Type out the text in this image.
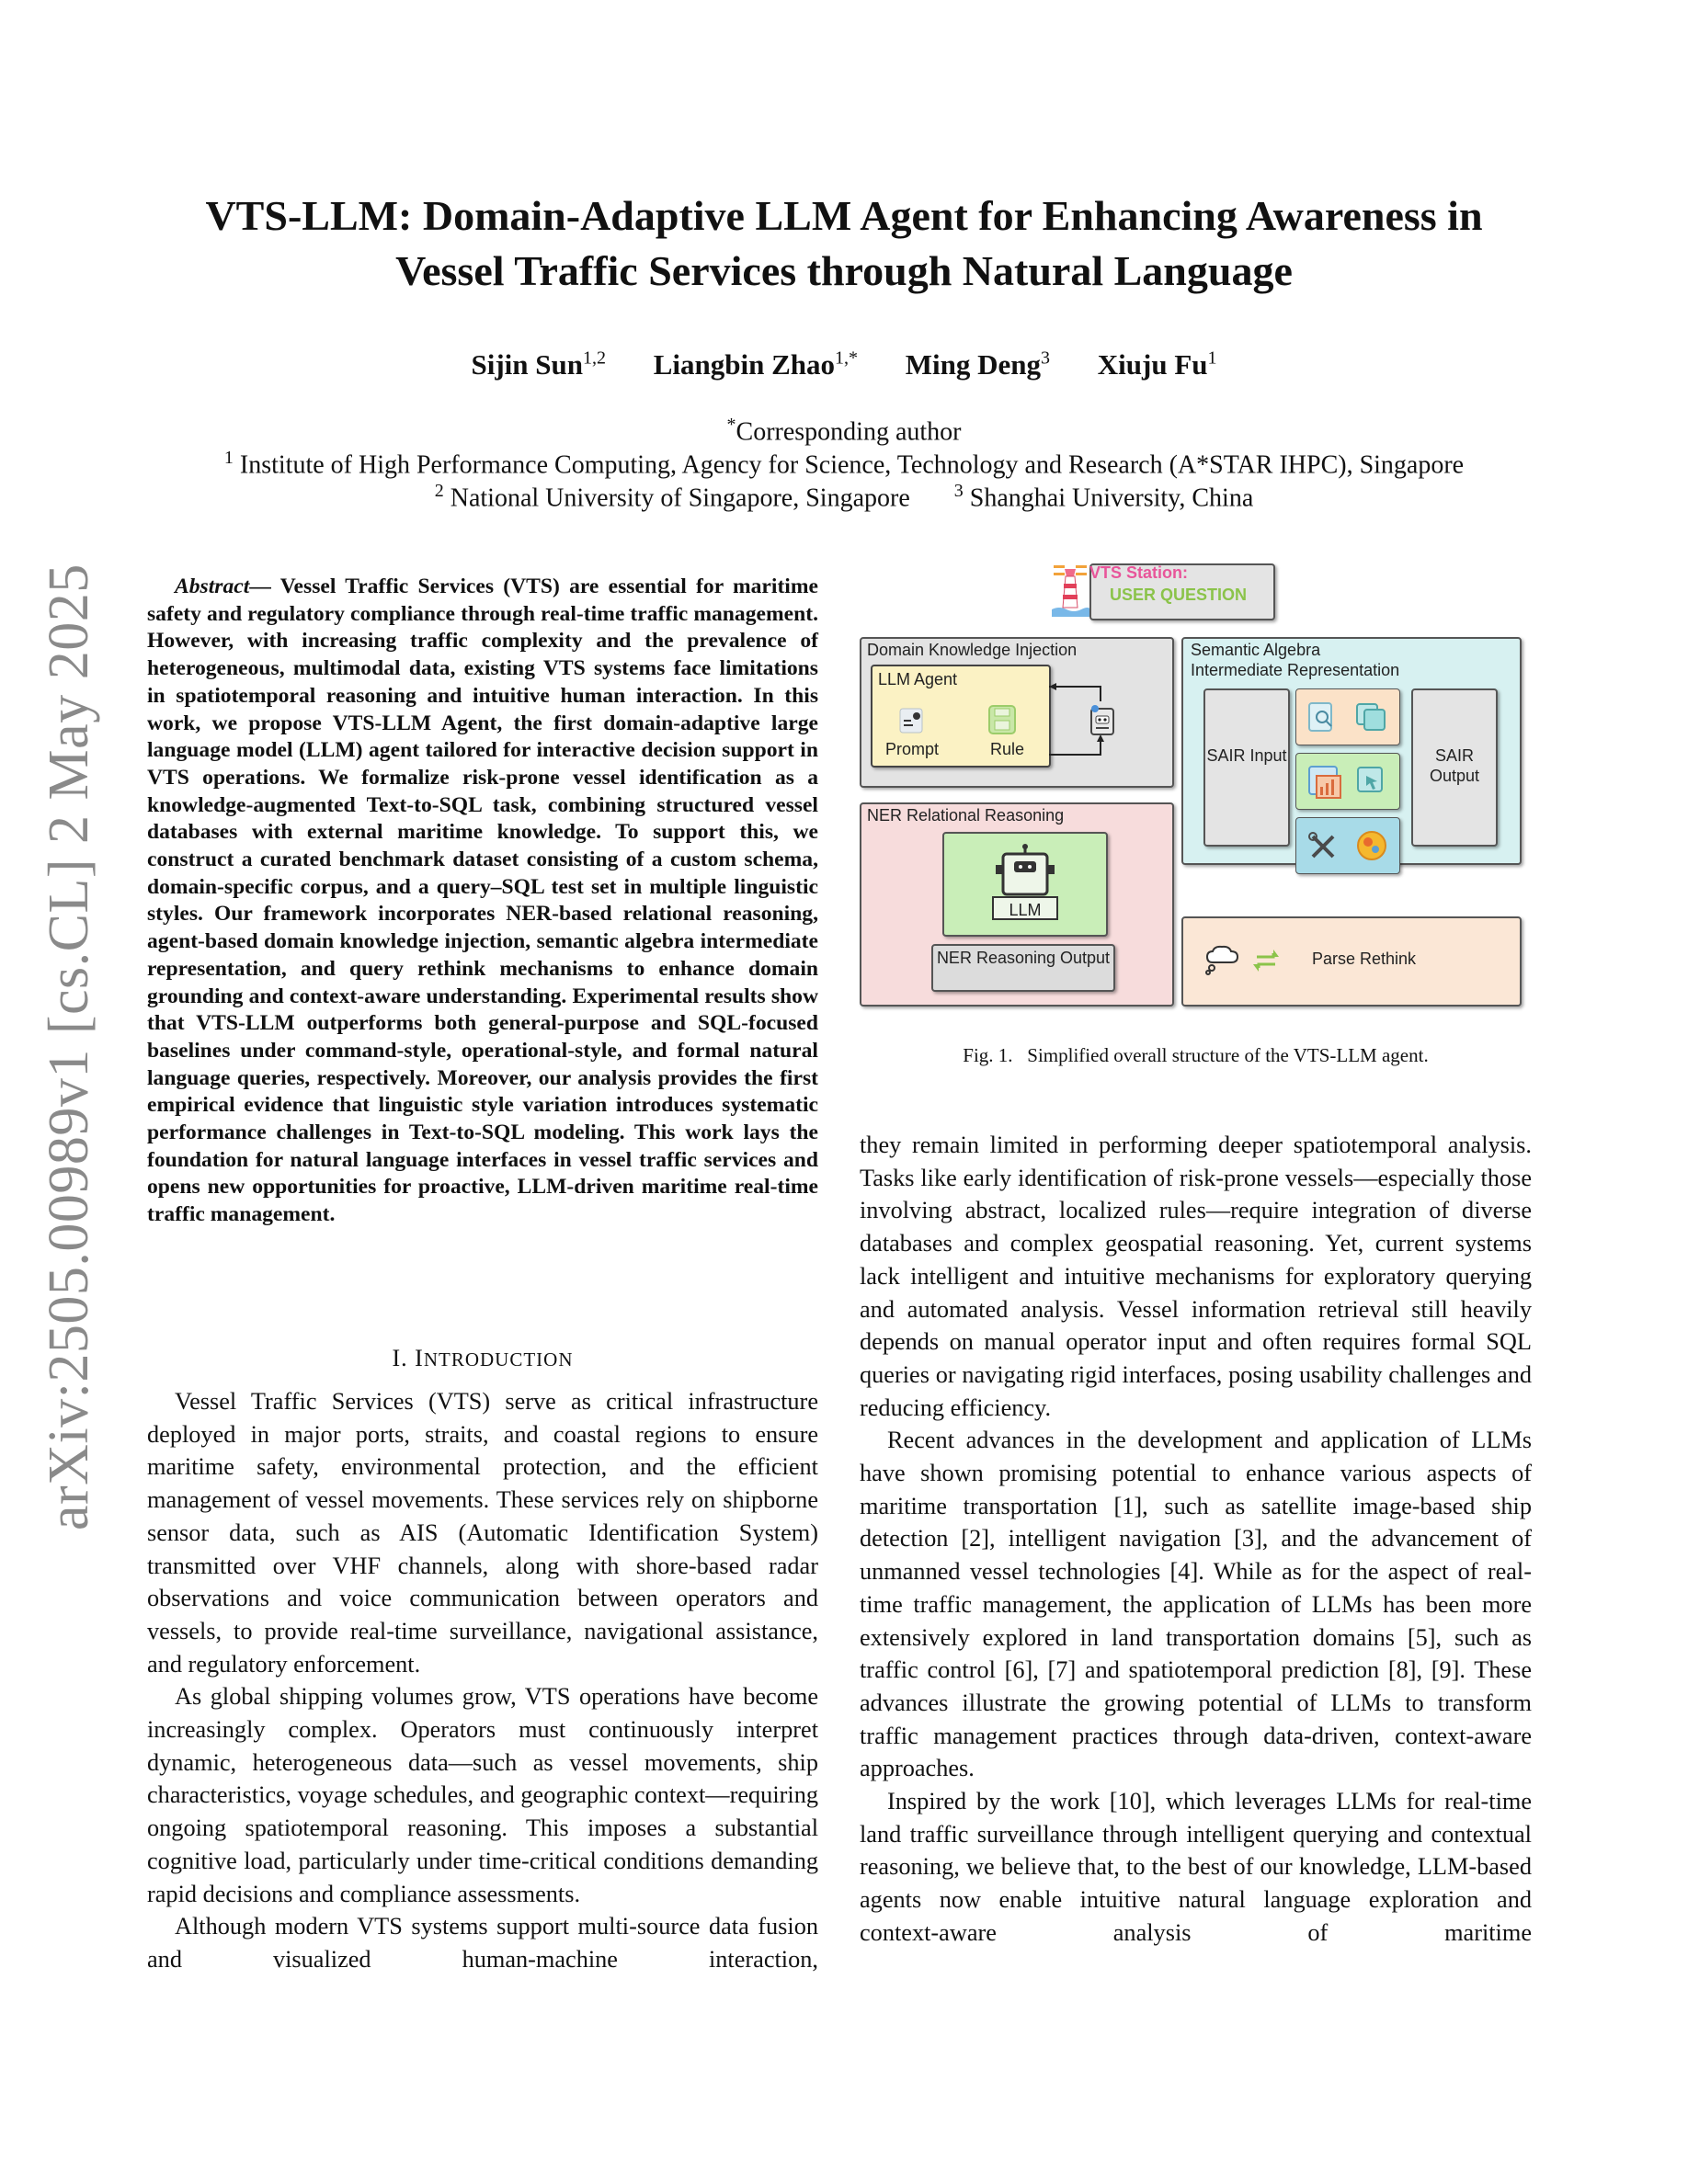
arXiv:2505.00989v1 [cs.CL] 2 May 2025
VTS-LLM: Domain-Adaptive LLM Agent for Enhancing Awareness in
Vessel Traffic Services through Natural Language
Sijin Sun$^{1,2}$ Liangbin Zhao$^{1,*}$ Ming Deng$^3$ Xiuju Fu$^1$
*Corresponding author
$^1$ Institute of High Performance Computing, Agency for Science, Technology and Research (A*STAR IHPC), Singapore
$^2$ National University of Singapore, Singapore $^3$ Shanghai University, China
Abstract— Vessel Traffic Services (VTS) are essential for maritime safety and regulatory compliance through real-time traffic management. However, with increasing traffic complexity and the prevalence of heterogeneous, multimodal data, existing VTS systems face limitations in spatiotemporal reasoning and intuitive human interaction. In this work, we propose VTS-LLM Agent, the first domain-adaptive large language model (LLM) agent tailored for interactive decision support in VTS operations. We formalize risk-prone vessel identification as a knowledge-augmented Text-to-SQL task, combining structured vessel databases with external maritime knowledge. To support this, we construct a curated benchmark dataset consisting of a custom schema, domain-specific corpus, and a query–SQL test set in multiple linguistic styles. Our framework incorporates NER-based relational reasoning, agent-based domain knowledge injection, semantic algebra intermediate representation, and query rethink mechanisms to enhance domain grounding and context-aware understanding. Experimental results show that VTS-LLM outperforms both general-purpose and SQL-focused baselines under command-style, operational-style, and formal natural language queries, respectively. Moreover, our analysis provides the first empirical evidence that linguistic style variation introduces systematic performance challenges in Text-to-SQL modeling. This work lays the foundation for natural language interfaces in vessel traffic services and opens new opportunities for proactive, LLM-driven maritime real-time traffic management.
I. INTRODUCTION

Vessel Traffic Services (VTS) serve as critical infrastructure deployed in major ports, straits, and coastal regions to ensure maritime safety, environmental protection, and the efficient management of vessel movements. These services rely on shipborne sensor data, such as AIS (Automatic Identification System) transmitted over VHF channels, along with shore-based radar observations and voice communication between operators and vessels, to provide real-time surveillance, navigational assistance, and regulatory enforcement.

As global shipping volumes grow, VTS operations have become increasingly complex. Operators must continuously interpret dynamic, heterogeneous data—such as vessel movements, ship characteristics, voyage schedules, and geographic context—requiring ongoing spatiotemporal reasoning. This imposes a substantial cognitive load, particularly under time-critical conditions demanding rapid decisions and compliance assessments.

Although modern VTS systems support multi-source data fusion and visualized human-machine interaction,

VTS Station:
USER QUESTION
Domain Knowledge Injection
LLM Agent
Prompt	Rule
Semantic Algebra
Intermediate Representation
SAIR Input	SAIR Output
NER Relational Reasoning
LLM
NER Reasoning Output	Parse Rethink
Fig. 1. Simplified overall structure of the VTS-LLM agent.

they remain limited in performing deeper spatiotemporal analysis. Tasks like early identification of risk-prone vessels—especially those involving abstract, localized rules—require integration of diverse databases and complex geospatial reasoning. Yet, current systems lack intelligent and intuitive mechanisms for exploratory querying and automated analysis. Vessel information retrieval still heavily depends on manual operator input and often requires formal SQL queries or navigating rigid interfaces, posing usability challenges and reducing efficiency.

Recent advances in the development and application of LLMs have shown promising potential to enhance various aspects of maritime transportation [1], such as satellite image-based ship detection [2], intelligent navigation [3], and the advancement of unmanned vessel technologies [4]. While as for the aspect of real-time traffic management, the application of LLMs has been more extensively explored in land transportation domains [5], such as traffic control [6], [7] and spatiotemporal prediction [8], [9]. These advances illustrate the growing potential of LLMs to transform traffic management practices through data-driven, context-aware approaches.

Inspired by the work [10], which leverages LLMs for real-time land traffic surveillance through intelligent querying and contextual reasoning, we believe that, to the best of our knowledge, LLM-based agents now enable intuitive natural language exploration and context-aware analysis of maritime
